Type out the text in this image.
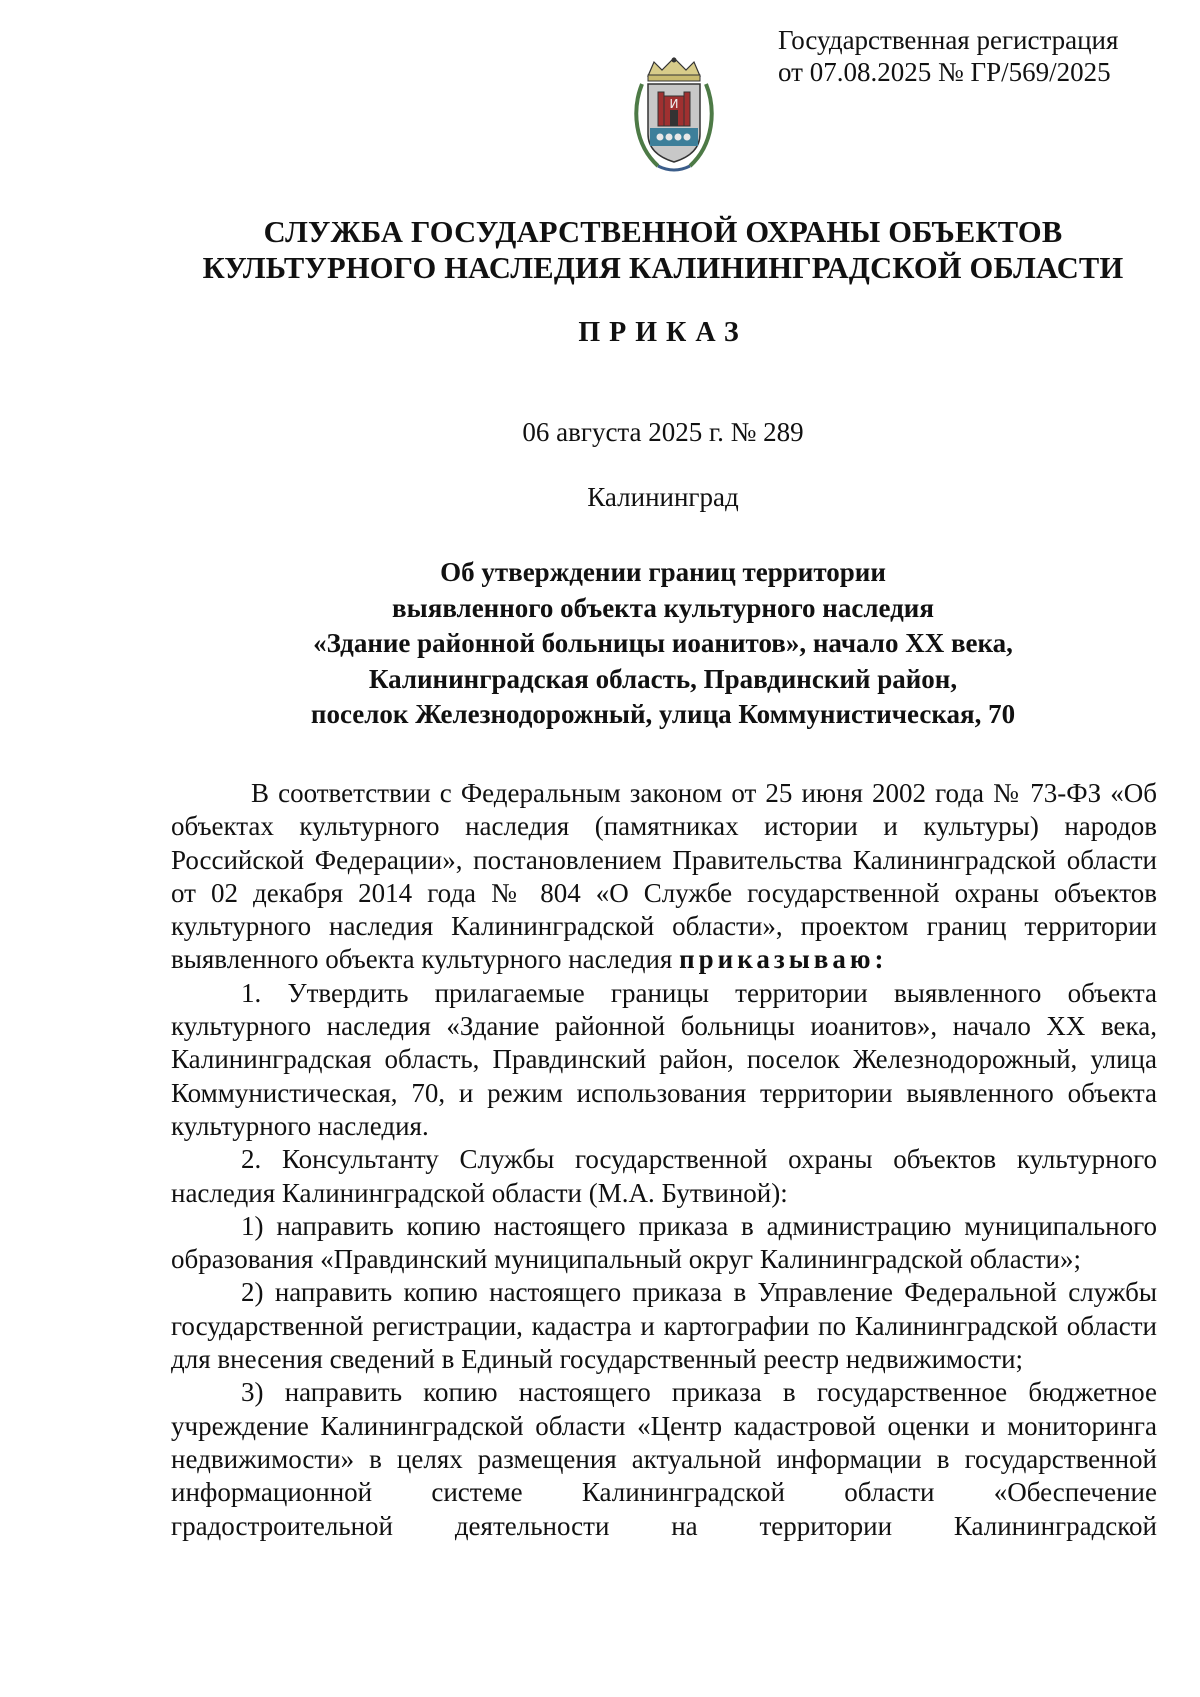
Государственная регистрация
от 07.08.2025 № ГР/569/2025
И
СЛУЖБА ГОСУДАРСТВЕННОЙ ОХРАНЫ ОБЪЕКТОВ
КУЛЬТУРНОГО НАСЛЕДИЯ КАЛИНИНГРАДСКОЙ ОБЛАСТИ
ПРИКАЗ
06 августа 2025 г. № 289
Калининград
Об утверждении границ территории
выявленного объекта культурного наследия
«Здание районной больницы иоанитов», начало XX века,
Калининградская область, Правдинский район,
поселок Железнодорожный, улица Коммунистическая, 70

В соответствии с Федеральным законом от 25 июня 2002 года № 73-ФЗ «Об объектах культурного наследия (памятниках истории и культуры) народов Российской Федерации», постановлением Правительства Калининградской области от 02 декабря 2014 года № 804 «О Службе государственной охраны объектов культурного наследия Калининградской области», проектом границ территории выявленного объекта культурного наследия приказываю:

1. Утвердить прилагаемые границы территории выявленного объекта культурного наследия «Здание районной больницы иоанитов», начало XX века, Калининградская область, Правдинский район, поселок Железнодорожный, улица Коммунистическая, 70, и режим использования территории выявленного объекта культурного наследия.

2. Консультанту Службы государственной охраны объектов культурного наследия Калининградской области (М.А. Бутвиной):

1) направить копию настоящего приказа в администрацию муниципального образования «Правдинский муниципальный округ Калининградской области»;

2) направить копию настоящего приказа в Управление Федеральной службы государственной регистрации, кадастра и картографии по Калининградской области для внесения сведений в Единый государственный реестр недвижимости;

3) направить копию настоящего приказа в государственное бюджетное учреждение Калининградской области «Центр кадастровой оценки и мониторинга недвижимости» в целях размещения актуальной информации в государственной информационной системе Калининградской области «Обеспечение градостроительной деятельности на территории Калининградской
